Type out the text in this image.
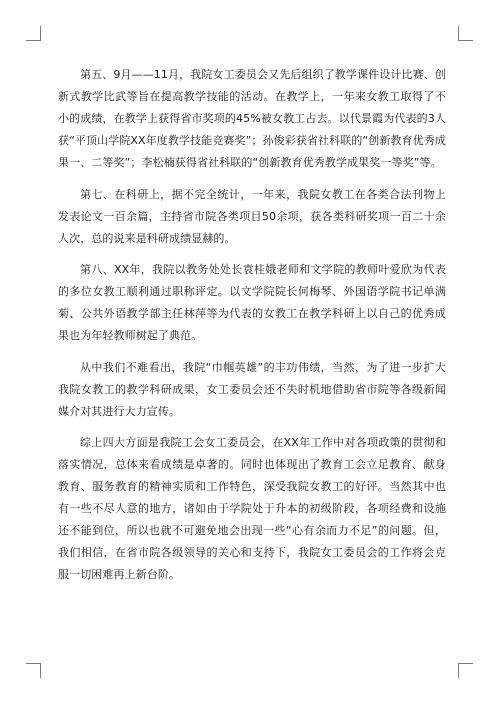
第五、9月——11月，我院女工委员会又先后组织了教学课件设计比赛、创新式教学比武等旨在提高教学技能的活动。在教学上，一年来女教工取得了不小的成绩，在教学上获得省市奖项的45%被女教工占去。以代景霞为代表的3人获“平顶山学院XX年度教学技能竞赛奖”；孙俊彩获省社科联的“创新教育优秀成果一、二等奖”；李松楠获得省社科联的“创新教育优秀教学成果奖一等奖”等。

第七、在科研上，据不完全统计，一年来，我院女教工在各类合法刊物上发表论文一百余篇，主持省市院各类项目50余项，获各类科研奖项一百二十余人次，总的说来是科研成绩显赫的。

第八、XX年，我院以教务处处长袁桂娥老师和文学院的教师叶爱欣为代表的多位女教工顺利通过职称评定。以文学院院长何梅琴、外国语学院书记单满菊、公共外语教学部主任林萍等为代表的女教工在教学科研上以自己的优秀成果也为年轻教师树起了典范。

从中我们不难看出，我院“巾帼英雄”的丰功伟绩，当然，为了进一步扩大我院女教工的教学科研成果，女工委员会还不失时机地借助省市院等各级新闻媒介对其进行大力宣传。

综上四大方面是我院工会女工委员会，在XX年工作中对各项政策的贯彻和落实情况，总体来看成绩是卓著的。同时也体现出了教育工会立足教育、献身教育、服务教育的精神实质和工作特色，深受我院女教工的好评。当然其中也有一些不尽人意的地方，诸如由于学院处于升本的初级阶段，各项经费和设施还不能到位，所以也就不可避免地会出现一些“心有余而力不足”的问题。但，我们相信，在省市院各级领导的关心和支持下，我院女工委员会的工作将会克服一切困难再上新台阶。
